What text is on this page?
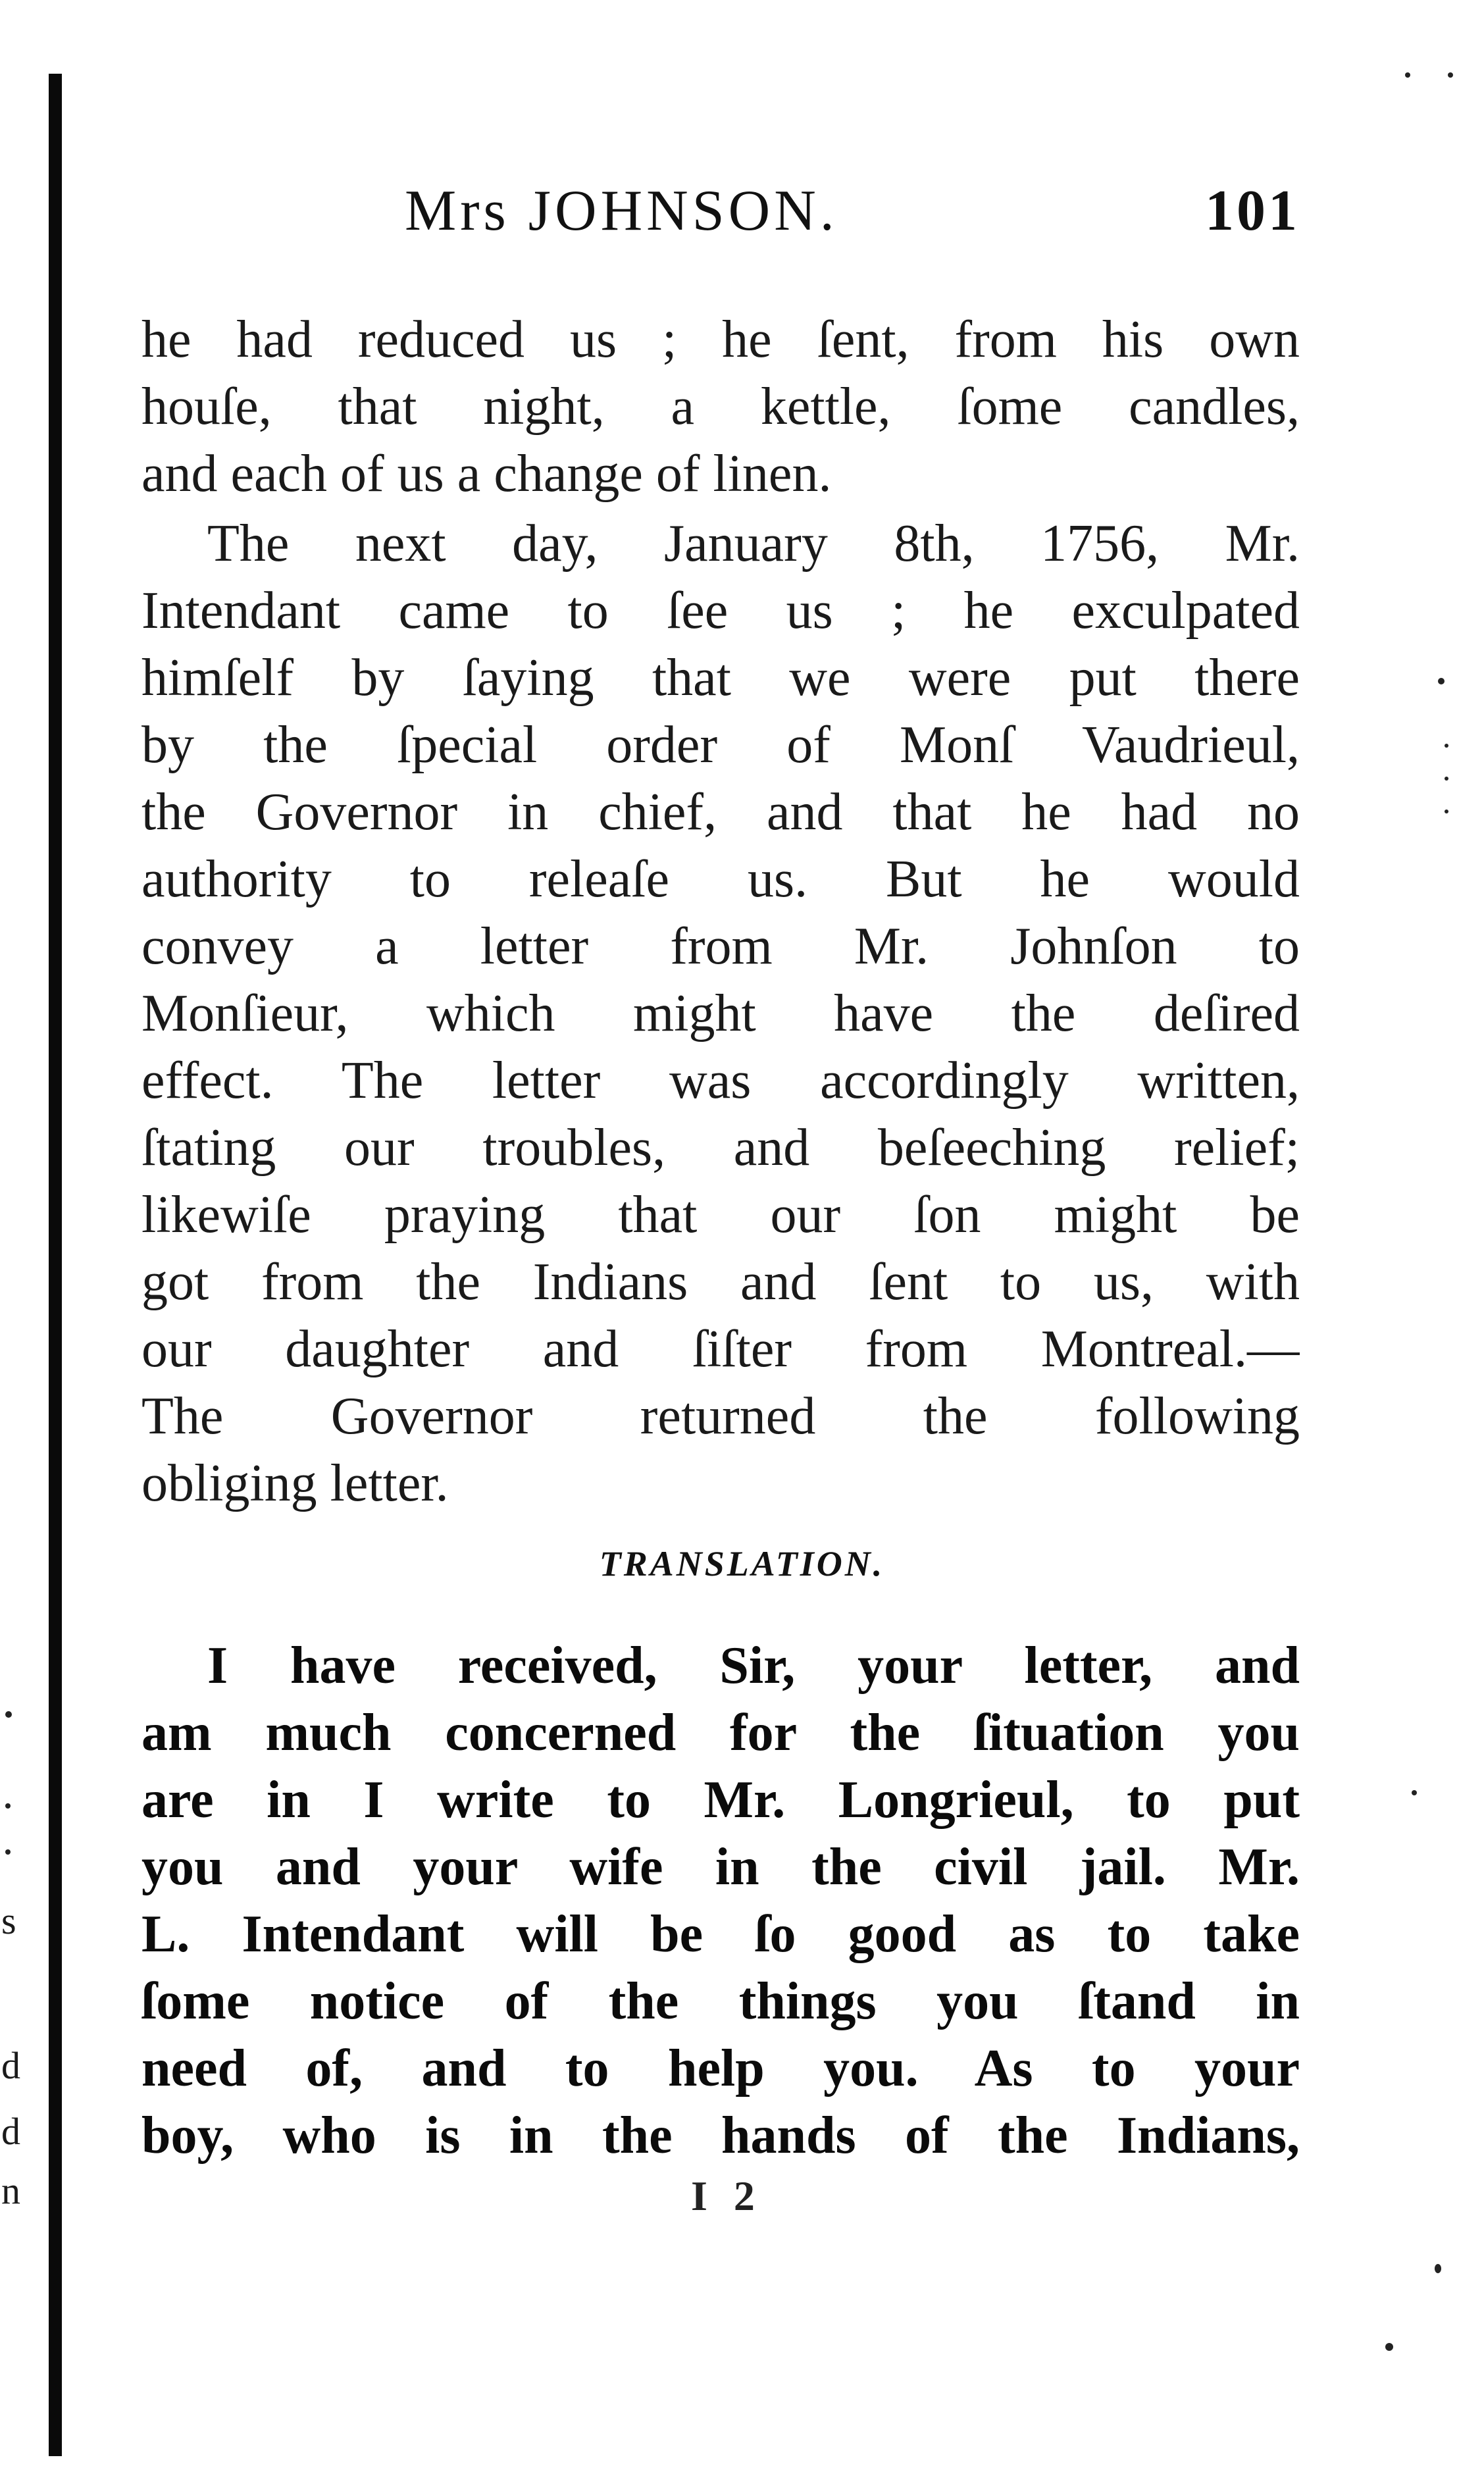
s
d
d
n
Mrs JOHNSON.	101
he had reduced us ; he ſent, from his own
houſe, that night, a kettle, ſome candles,
and each of us a change of linen.
The next day, January 8th, 1756, Mr.
Intendant came to ſee us ; he exculpated
himſelf by ſaying that we were put there
by the ſpecial order of Monſ Vaudrieul,
the Governor in chief, and that he had no
authority to releaſe us. But he would
convey a letter from Mr. Johnſon to
Monſieur, which might have the deſired
effect. The letter was accordingly written,
ſtating our troubles, and beſeeching relief;
likewiſe praying that our ſon might be
got from the Indians and ſent to us, with
our daughter and ſiſter from Montreal.—
The Governor returned the following
obliging letter.
TRANSLATION.
I have received, Sir, your letter, and
am much concerned for the ſituation you
are in I write to Mr. Longrieul, to put
you and your wife in the civil jail. Mr.
L. Intendant will be ſo good as to take
ſome notice of the things you ſtand in
need of, and to help you. As to your
boy, who is in the hands of the Indians,
I 2
